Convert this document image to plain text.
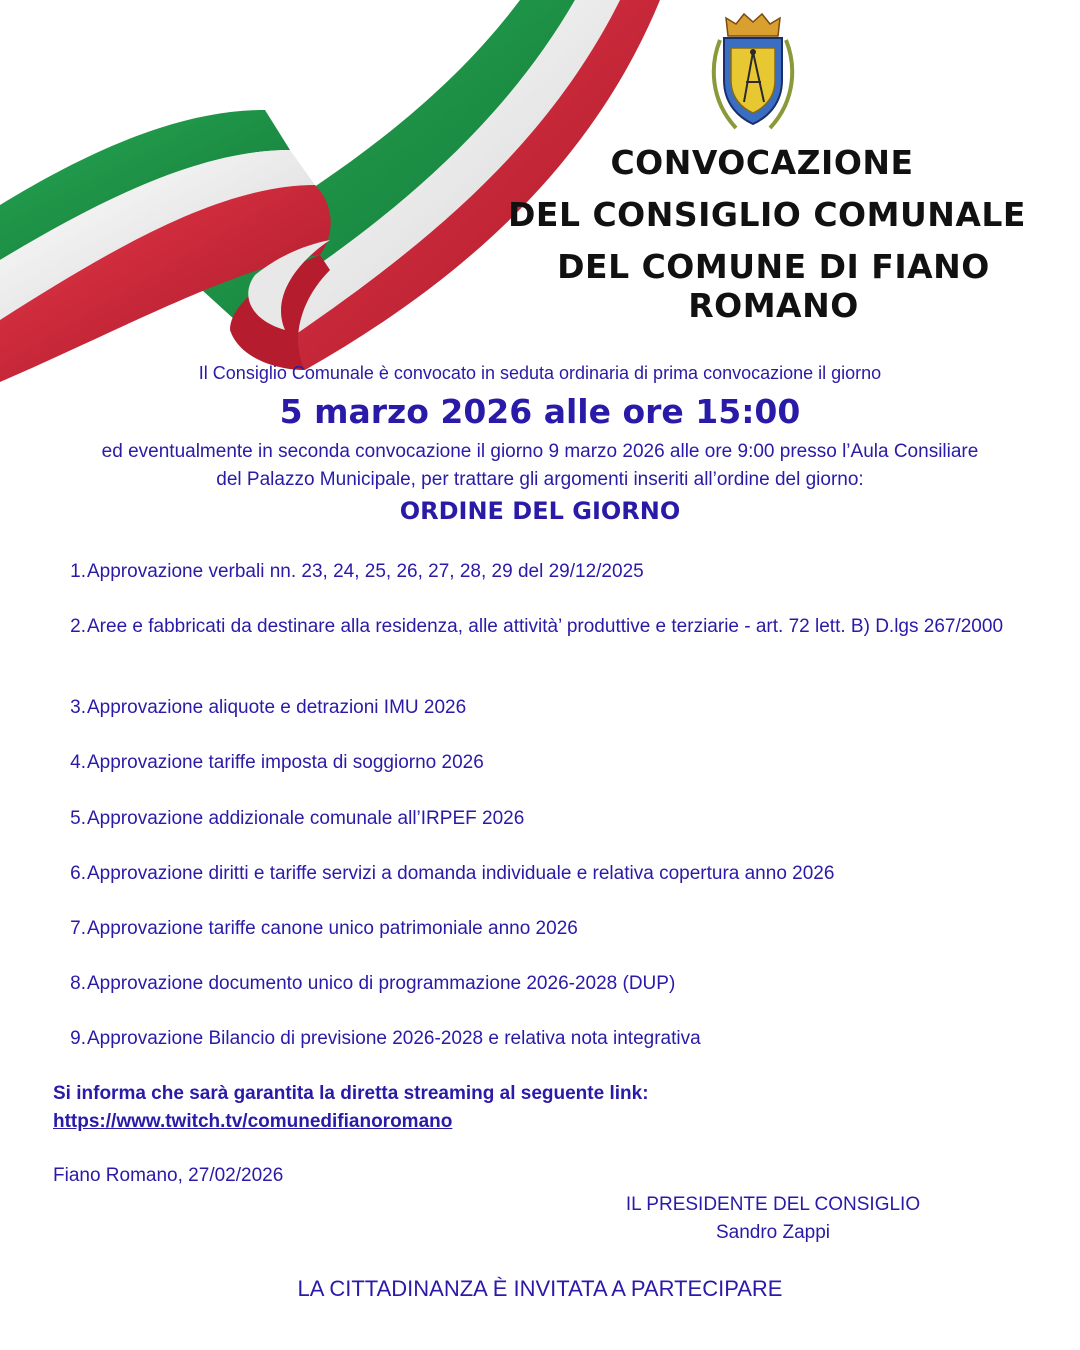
CONVOCAZIONE
DEL CONSIGLIO COMUNALE
DEL COMUNE DI FIANO ROMANO
Il Consiglio Comunale è convocato in seduta ordinaria di prima convocazione il giorno
5 marzo 2026 alle ore 15:00
ed eventualmente in seconda convocazione il giorno 9 marzo 2026 alle ore 9:00 presso l’Aula Consiliare
del Palazzo Municipale, per trattare gli argomenti inseriti all’ordine del giorno:
ORDINE DEL GIORNO
1. Approvazione verbali nn. 23, 24, 25, 26, 27, 28, 29 del 29/12/2025
2. Aree e fabbricati da destinare alla residenza, alle attività’ produttive e terziarie - art. 72 lett. B) D.lgs 267/2000
3. Approvazione aliquote e detrazioni IMU 2026
4. Approvazione tariffe imposta di soggiorno 2026
5. Approvazione addizionale comunale all’IRPEF 2026
6. Approvazione diritti e tariffe servizi a domanda individuale e relativa copertura anno 2026
7. Approvazione tariffe canone unico patrimoniale anno 2026
8. Approvazione documento unico di programmazione 2026-2028 (DUP)
9. Approvazione Bilancio di previsione 2026-2028 e relativa nota integrativa
Si informa che sarà garantita la diretta streaming al seguente link:
https://www.twitch.tv/comunedifianoromano
Fiano Romano, 27/02/2026
IL PRESIDENTE DEL CONSIGLIO
Sandro Zappi
LA CITTADINANZA È INVITATA A PARTECIPARE
